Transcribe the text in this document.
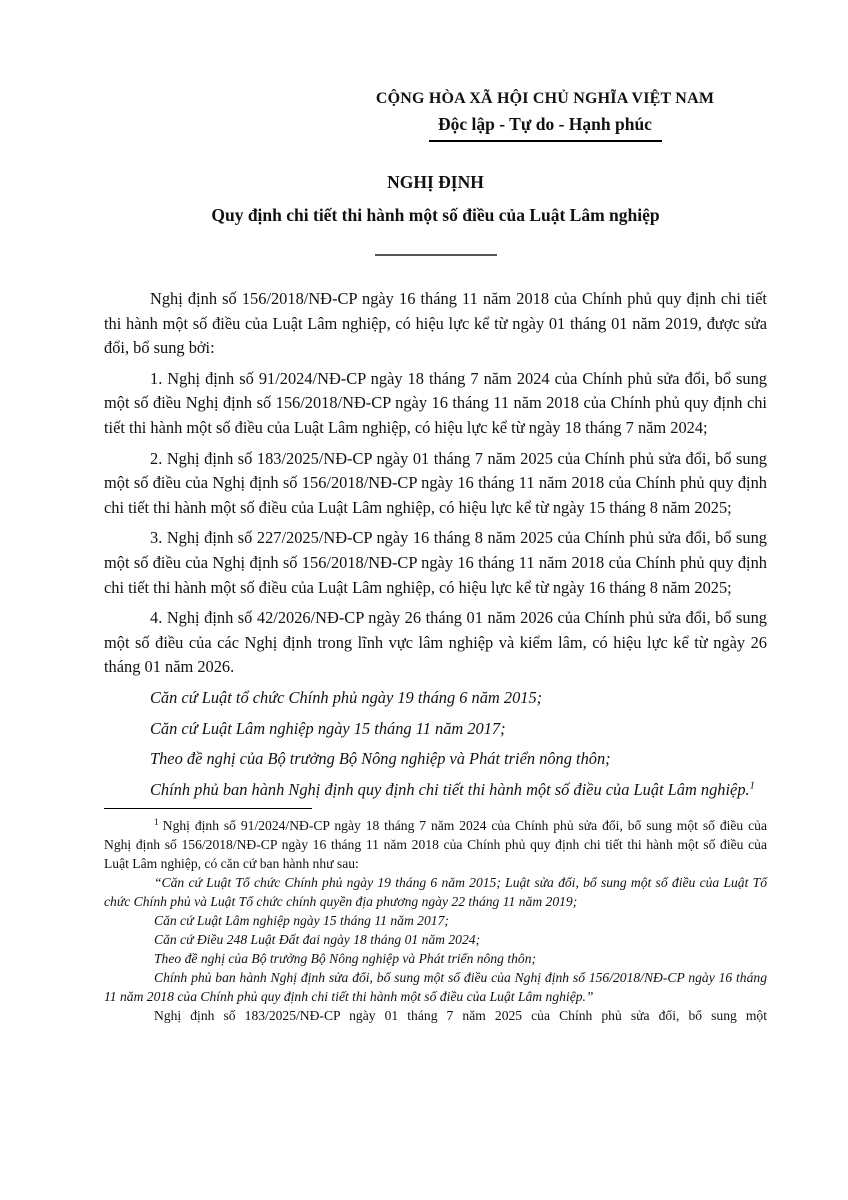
CỘNG HÒA XÃ HỘI CHỦ NGHĨA VIỆT NAM
Độc lập - Tự do - Hạnh phúc
NGHỊ ĐỊNH
Quy định chi tiết thi hành một số điều của Luật Lâm nghiệp

Nghị định số 156/2018/NĐ-CP ngày 16 tháng 11 năm 2018 của Chính phủ quy định chi tiết thi hành một số điều của Luật Lâm nghiệp, có hiệu lực kể từ ngày 01 tháng 01 năm 2019, được sửa đổi, bổ sung bởi:

1. Nghị định số 91/2024/NĐ-CP ngày 18 tháng 7 năm 2024 của Chính phủ sửa đổi, bổ sung một số điều Nghị định số 156/2018/NĐ-CP ngày 16 tháng 11 năm 2018 của Chính phủ quy định chi tiết thi hành một số điều của Luật Lâm nghiệp, có hiệu lực kể từ ngày 18 tháng 7 năm 2024;

2. Nghị định số 183/2025/NĐ-CP ngày 01 tháng 7 năm 2025 của Chính phủ sửa đổi, bổ sung một số điều của Nghị định số 156/2018/NĐ-CP ngày 16 tháng 11 năm 2018 của Chính phủ quy định chi tiết thi hành một số điều của Luật Lâm nghiệp, có hiệu lực kể từ ngày 15 tháng 8 năm 2025;

3. Nghị định số 227/2025/NĐ-CP ngày 16 tháng 8 năm 2025 của Chính phủ sửa đổi, bổ sung một số điều của Nghị định số 156/2018/NĐ-CP ngày 16 tháng 11 năm 2018 của Chính phủ quy định chi tiết thi hành một số điều của Luật Lâm nghiệp, có hiệu lực kể từ ngày 16 tháng 8 năm 2025;

4. Nghị định số 42/2026/NĐ-CP ngày 26 tháng 01 năm 2026 của Chính phủ sửa đổi, bổ sung một số điều của các Nghị định trong lĩnh vực lâm nghiệp và kiểm lâm, có hiệu lực kể từ ngày 26 tháng 01 năm 2026.

Căn cứ Luật tổ chức Chính phủ ngày 19 tháng 6 năm 2015;

Căn cứ Luật Lâm nghiệp ngày 15 tháng 11 năm 2017;

Theo đề nghị của Bộ trưởng Bộ Nông nghiệp và Phát triển nông thôn;

Chính phủ ban hành Nghị định quy định chi tiết thi hành một số điều của Luật Lâm nghiệp.$^1$

$^1$ Nghị định số 91/2024/NĐ-CP ngày 18 tháng 7 năm 2024 của Chính phủ sửa đổi, bổ sung một số điều của Nghị định số 156/2018/NĐ-CP ngày 16 tháng 11 năm 2018 của Chính phủ quy định chi tiết thi hành một số điều của Luật Lâm nghiệp, có căn cứ ban hành như sau:

“Căn cứ Luật Tổ chức Chính phủ ngày 19 tháng 6 năm 2015; Luật sửa đổi, bổ sung một số điều của Luật Tổ chức Chính phủ và Luật Tổ chức chính quyền địa phương ngày 22 tháng 11 năm 2019;

Căn cứ Luật Lâm nghiệp ngày 15 tháng 11 năm 2017;

Căn cứ Điều 248 Luật Đất đai ngày 18 tháng 01 năm 2024;

Theo đề nghị của Bộ trưởng Bộ Nông nghiệp và Phát triển nông thôn;

Chính phủ ban hành Nghị định sửa đổi, bổ sung một số điều của Nghị định số 156/2018/NĐ-CP ngày 16 tháng 11 năm 2018 của Chính phủ quy định chi tiết thi hành một số điều của Luật Lâm nghiệp.”

Nghị định số 183/2025/NĐ-CP ngày 01 tháng 7 năm 2025 của Chính phủ sửa đổi, bổ sung một
